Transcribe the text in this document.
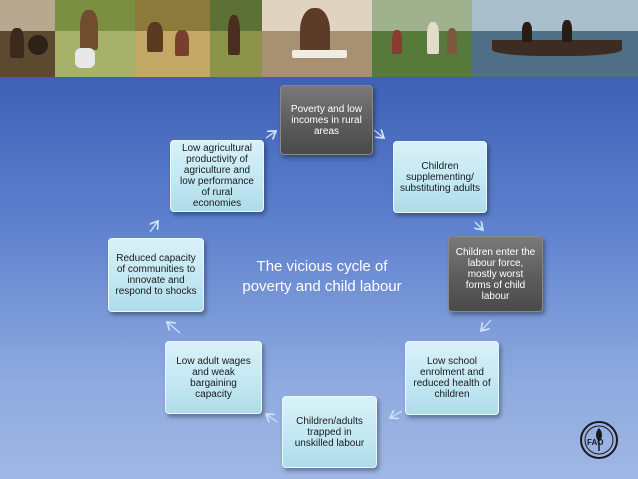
Poverty and low incomes in rural areas
Children supplementing/ substituting adults
Children enter the labour force, mostly worst forms of child labour
Low school enrolment and reduced health of children
Children/adults trapped in unskilled labour
Low adult wages and weak bargaining capacity
Reduced capacity of communities to innovate and respond to shocks
Low agricultural productivity of agriculture and low performance of rural economies
The vicious cycle of poverty and child labour
FAO
